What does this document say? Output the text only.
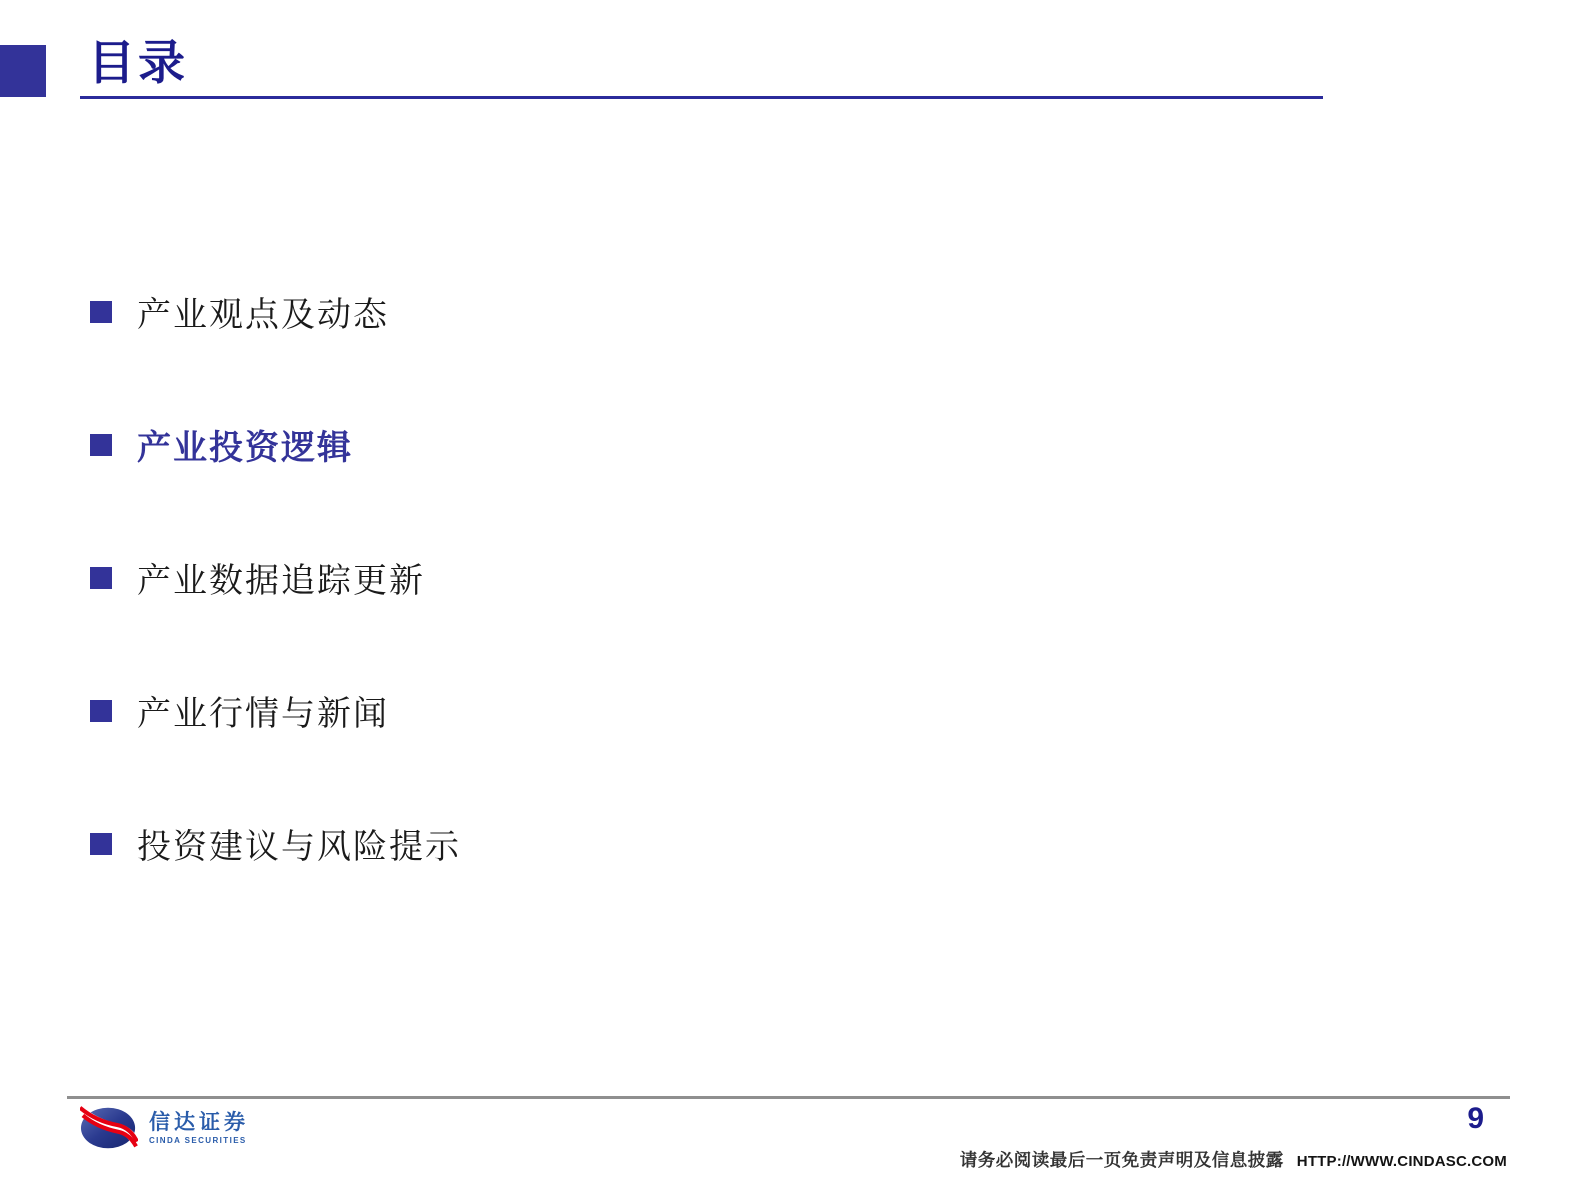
目录
产业观点及动态
产业投资逻辑
产业数据追踪更新
产业行情与新闻
投资建议与风险提示
信达证券
CINDA SECURITIES
9
请务必阅读最后一页免责声明及信息披露 HTTP://WWW.CINDASC.COM
